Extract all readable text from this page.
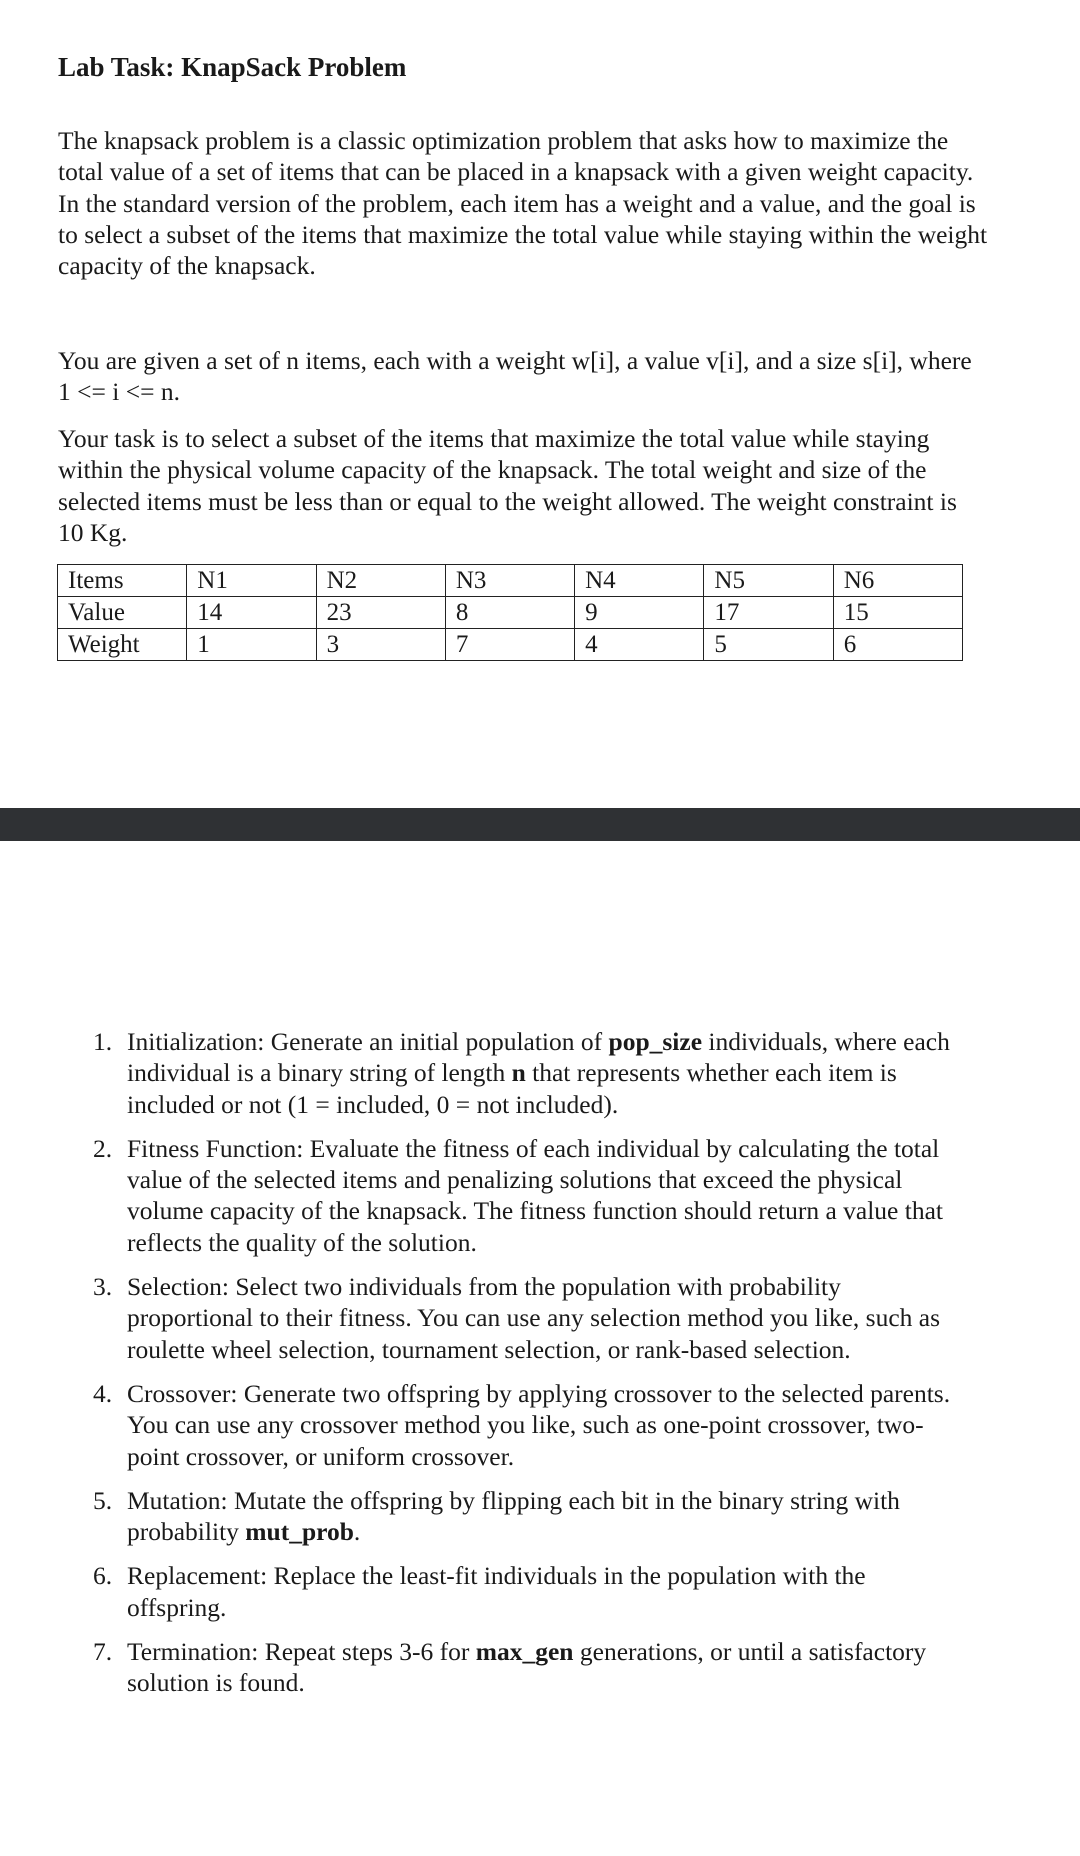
Lab Task: KnapSack Problem

The knapsack problem is a classic optimization problem that asks how to maximize the total value of a set of items that can be placed in a knapsack with a given weight capacity. In the standard version of the problem, each item has a weight and a value, and the goal is to select a subset of the items that maximize the total value while staying within the weight capacity of the knapsack.

You are given a set of n items, each with a weight w[i], a value v[i], and a size s[i], where 1 <= i <= n.

Your task is to select a subset of the items that maximize the total value while staying within the physical volume capacity of the knapsack. The total weight and size of the selected items must be less than or equal to the weight allowed. The weight constraint is 10 Kg.

Items	N1	N2	N3	N4	N5	N6
Value	14	23	8	9	17	15
Weight	1	3	7	4	5	6
1. Initialization: Generate an initial population of pop_size individuals, where each individual is a binary string of length n that represents whether each item is included or not (1 = included, 0 = not included).
2. Fitness Function: Evaluate the fitness of each individual by calculating the total value of the selected items and penalizing solutions that exceed the physical volume capacity of the knapsack. The fitness function should return a value that reflects the quality of the solution.
3. Selection: Select two individuals from the population with probability proportional to their fitness. You can use any selection method you like, such as roulette wheel selection, tournament selection, or rank-based selection.
4. Crossover: Generate two offspring by applying crossover to the selected parents. You can use any crossover method you like, such as one-point crossover, two-point crossover, or uniform crossover.
5. Mutation: Mutate the offspring by flipping each bit in the binary string with probability mut_prob.
6. Replacement: Replace the least-fit individuals in the population with the offspring.
7. Termination: Repeat steps 3-6 for max_gen generations, or until a satisfactory solution is found.
